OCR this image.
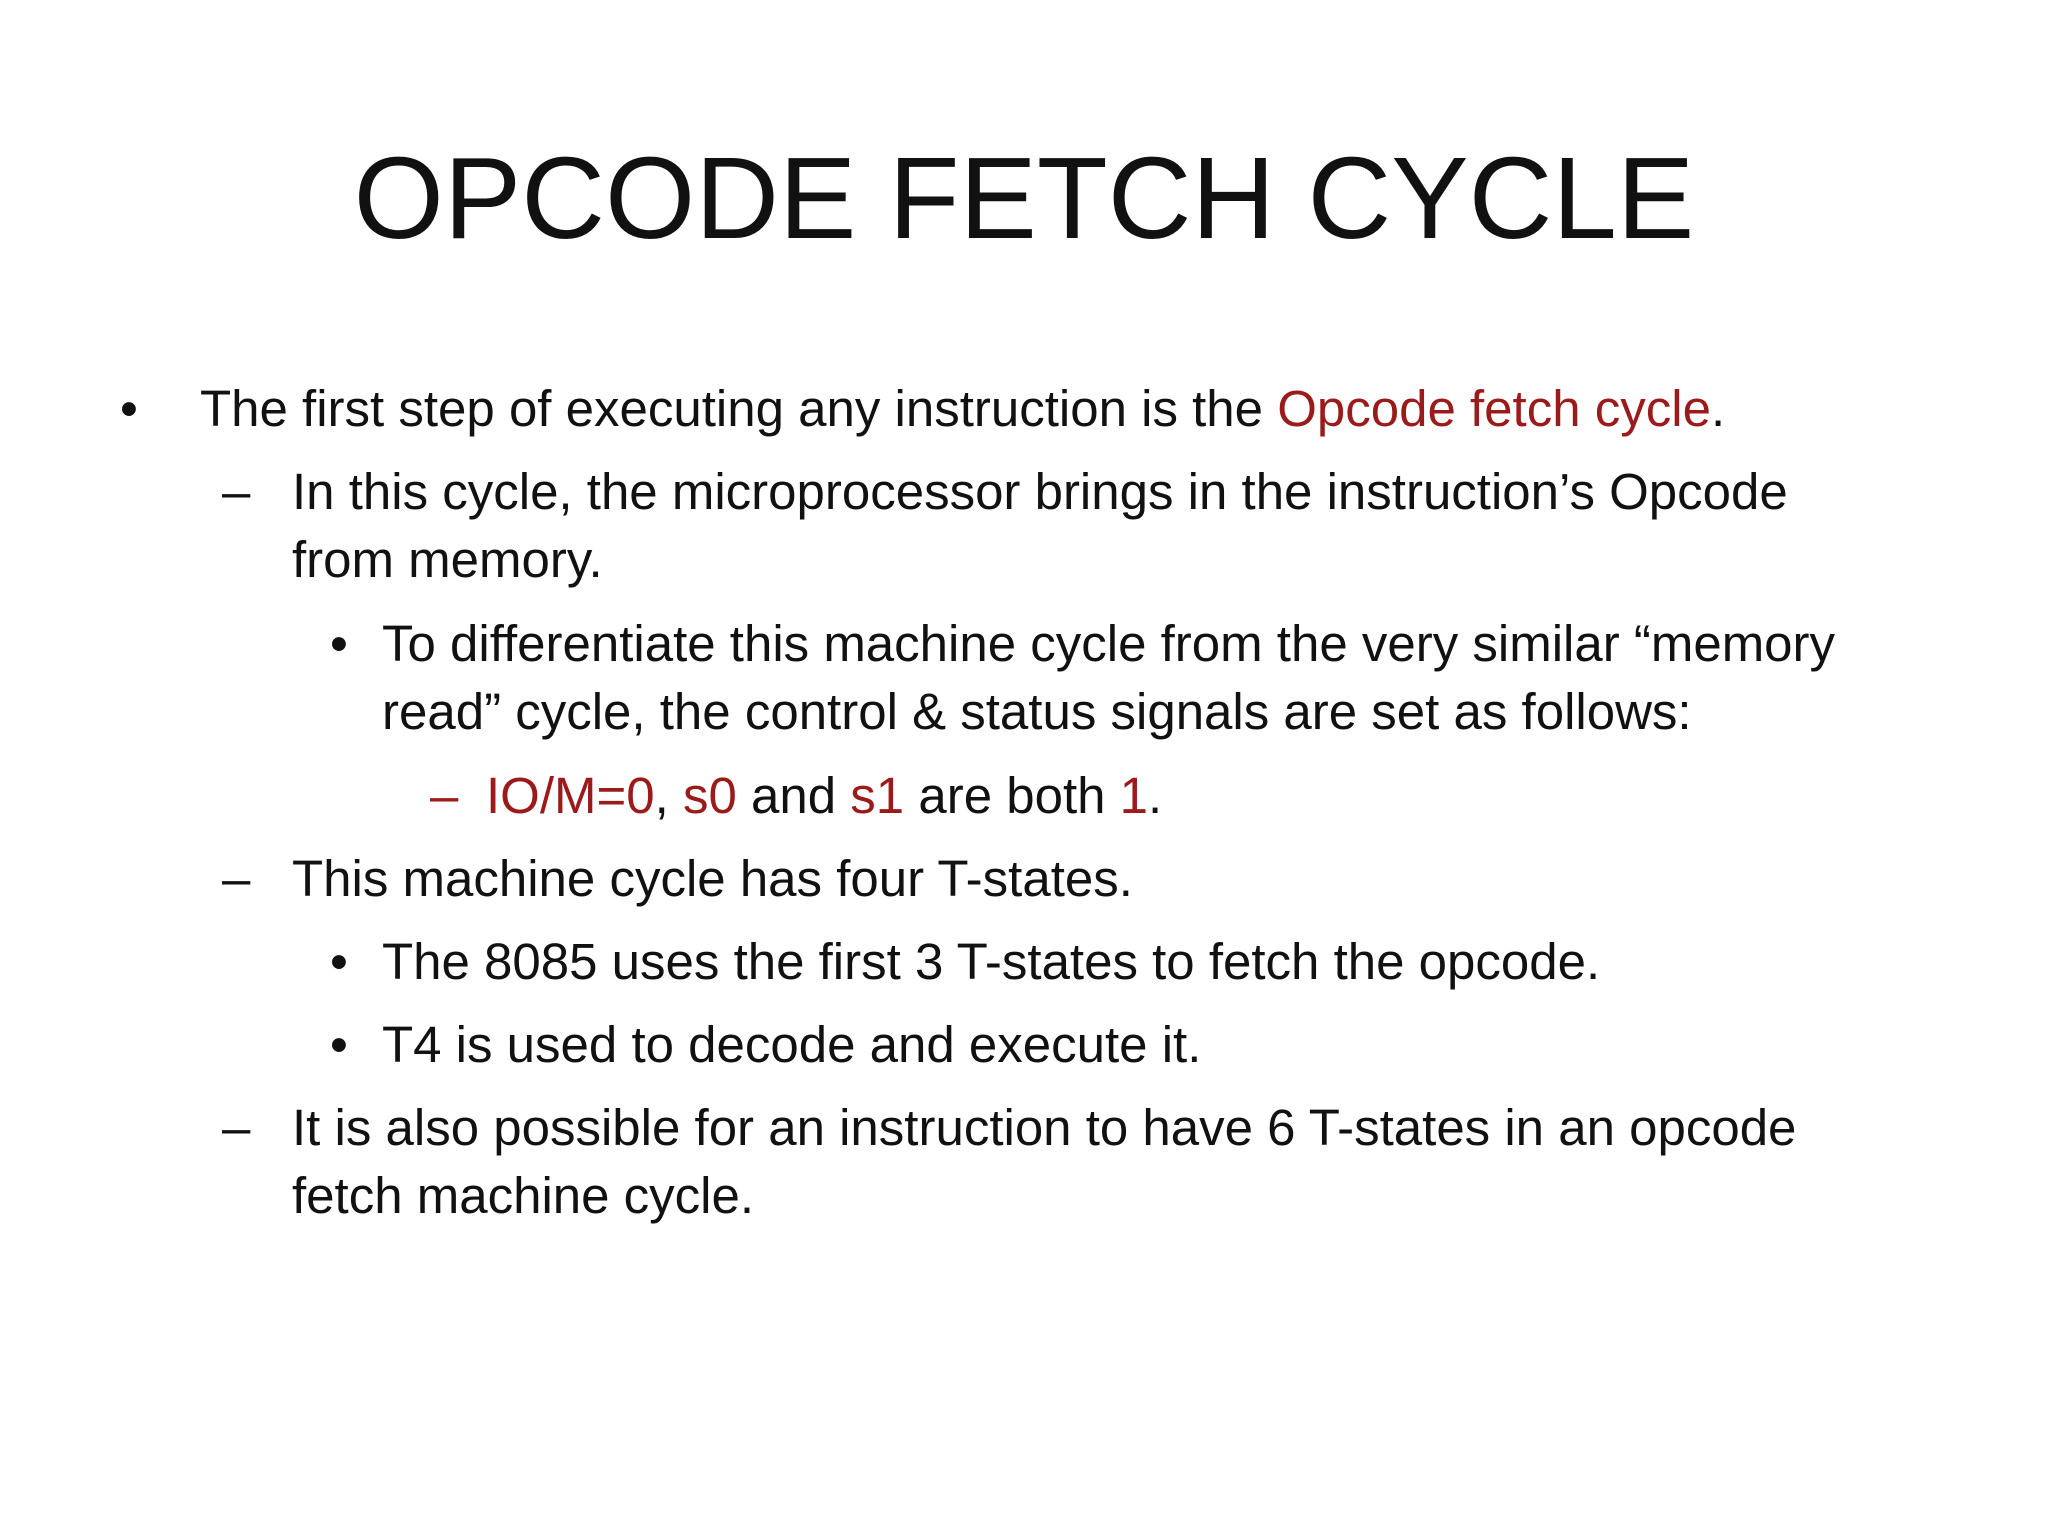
OPCODE FETCH CYCLE
• The first step of executing any instruction is the Opcode fetch cycle.
– In this cycle, the microprocessor brings in the instruction’s Opcode
from memory.
• To differentiate this machine cycle from the very similar “memory
read” cycle, the control & status signals are set as follows:
– IO/M=0, s0 and s1 are both 1.
– This machine cycle has four T-states.
• The 8085 uses the first 3 T-states to fetch the opcode.
• T4 is used to decode and execute it.
– It is also possible for an instruction to have 6 T-states in an opcode
fetch machine cycle.
